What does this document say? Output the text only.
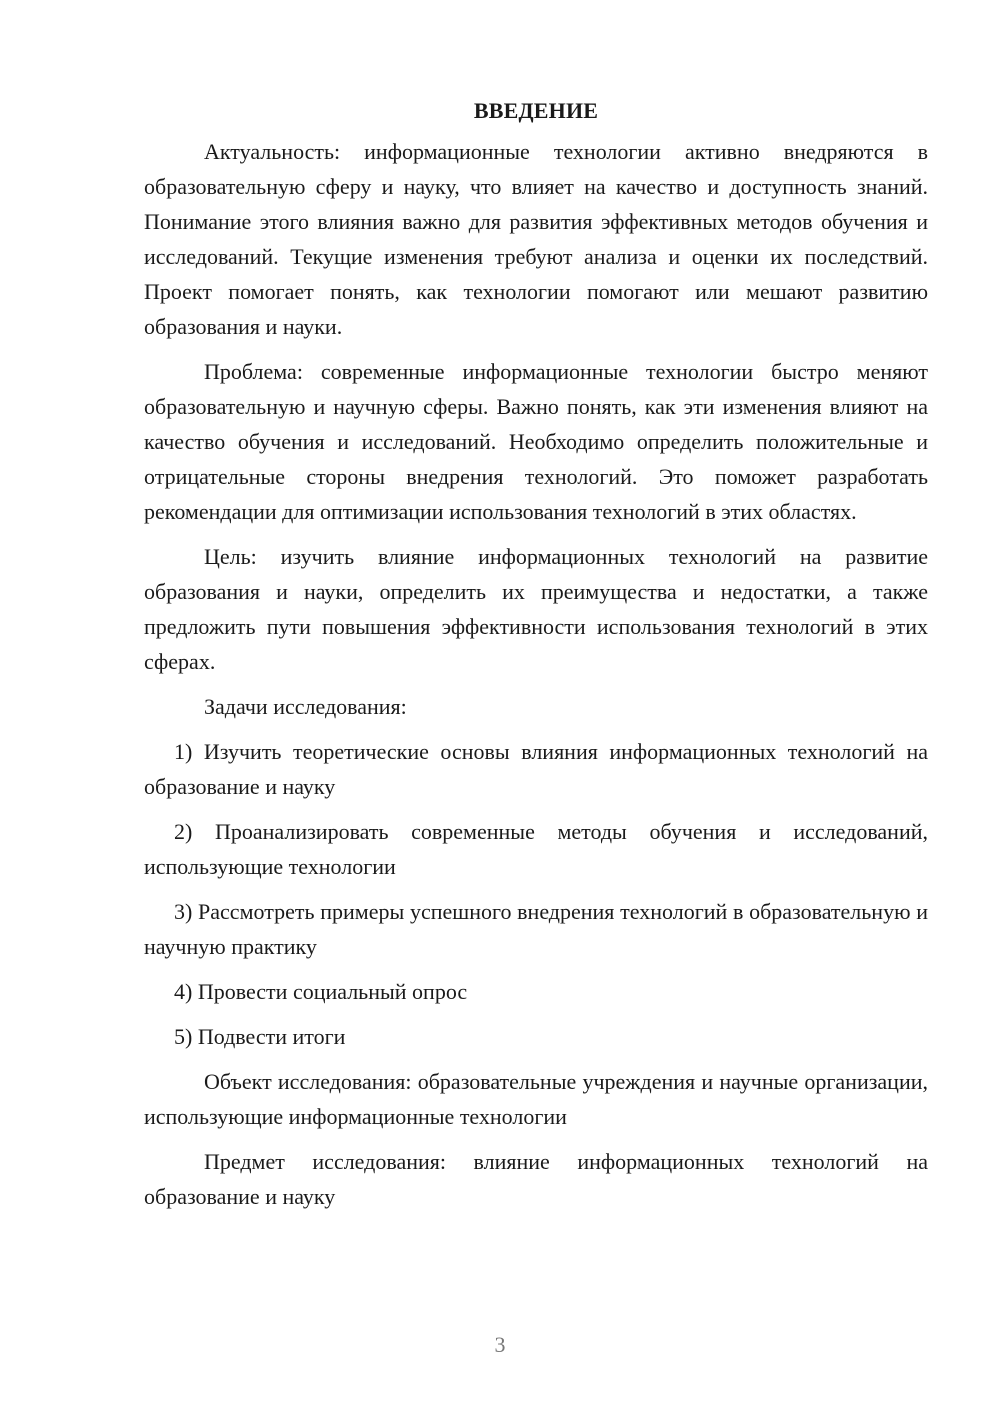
ВВЕДЕНИЕ

Актуальность: информационные технологии активно внедряются в образовательную сферу и науку, что влияет на качество и доступность знаний. Понимание этого влияния важно для развития эффективных методов обучения и исследований. Текущие изменения требуют анализа и оценки их последствий. Проект помогает понять, как технологии помогают или мешают развитию образования и науки.

Проблема: современные информационные технологии быстро меняют образовательную и научную сферы. Важно понять, как эти изменения влияют на качество обучения и исследований. Необходимо определить положительные и отрицательные стороны внедрения технологий. Это поможет разработать рекомендации для оптимизации использования технологий в этих областях.

Цель: изучить влияние информационных технологий на развитие образования и науки, определить их преимущества и недостатки, а также предложить пути повышения эффективности использования технологий в этих сферах.

Задачи исследования:

1) Изучить теоретические основы влияния информационных технологий на образование и науку

2) Проанализировать современные методы обучения и исследований, использующие технологии

3) Рассмотреть примеры успешного внедрения технологий в образовательную и научную практику

4) Провести социальный опрос

5) Подвести итоги

Объект исследования: образовательные учреждения и научные организации, использующие информационные технологии

Предмет исследования: влияние информационных технологий на образование и науку

3
